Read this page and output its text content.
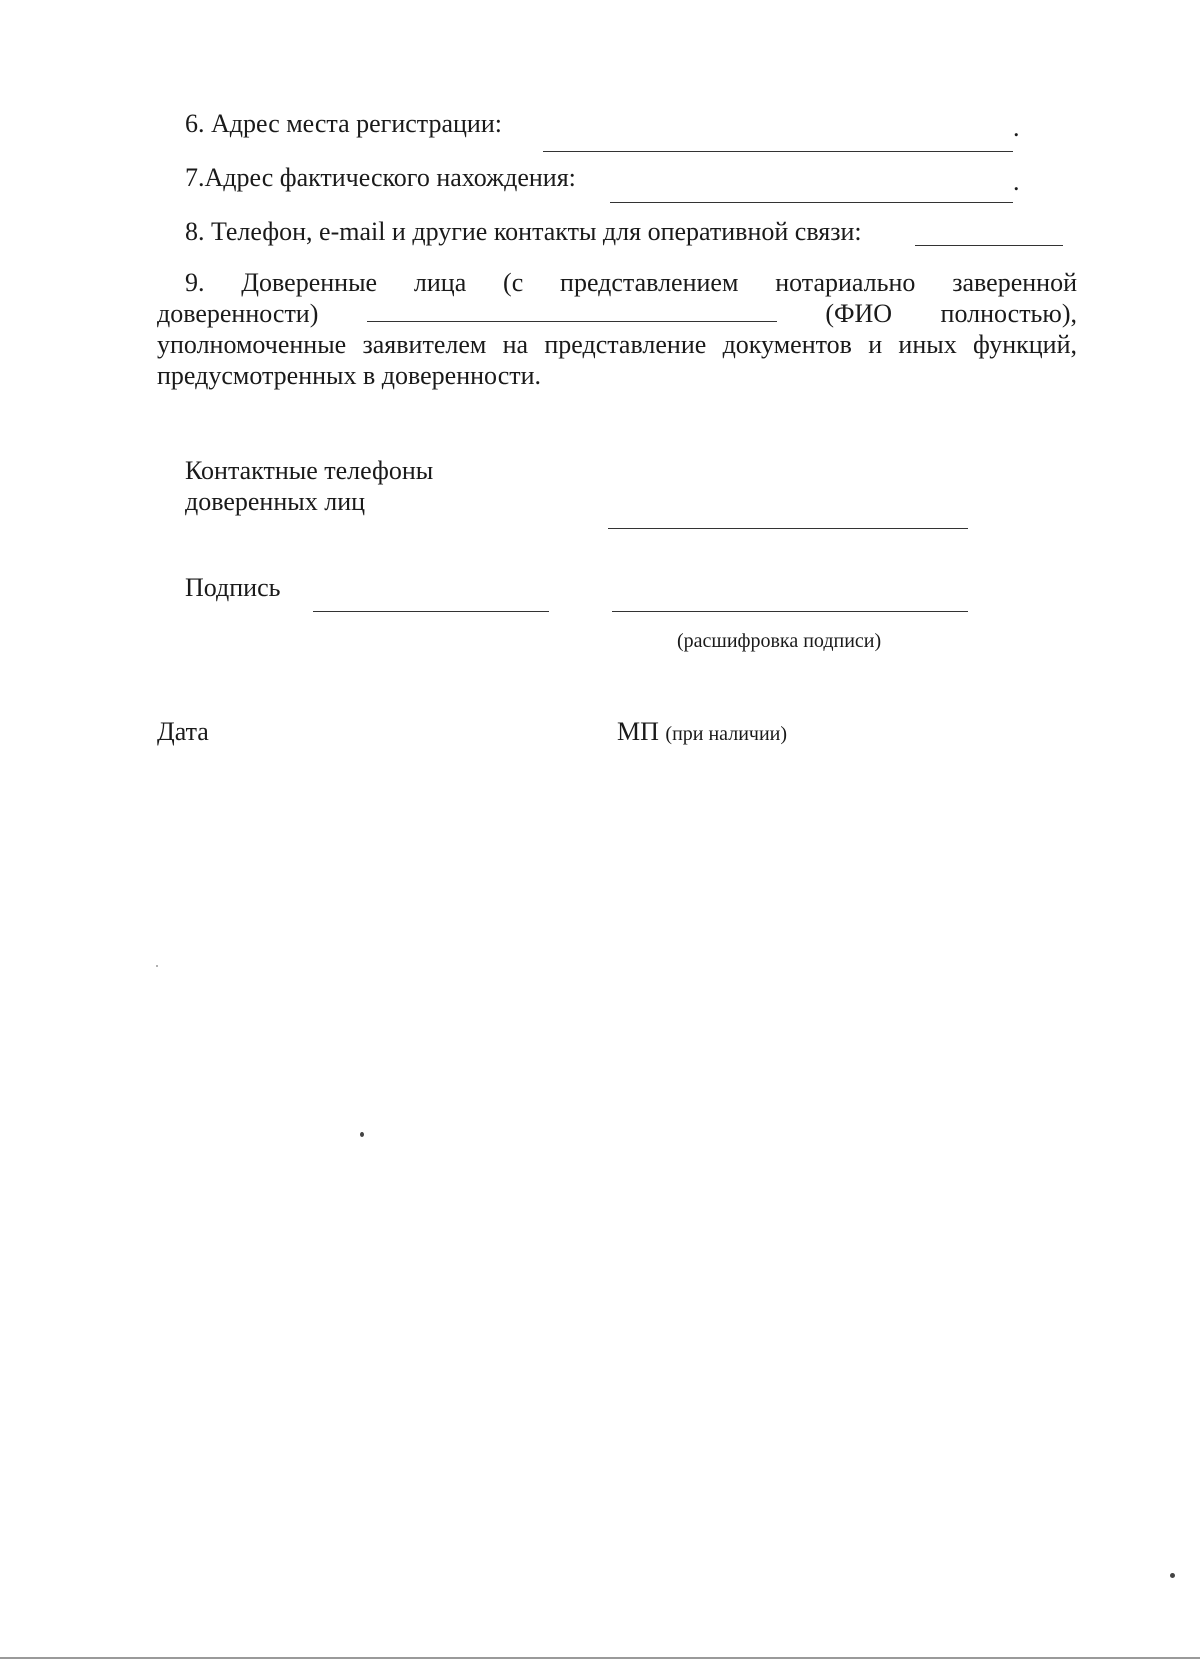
6. Адрес места регистрации:	.
7.Адрес фактического нахождения:	.
8. Телефон, e-mail и другие контакты для оперативной связи:
9. Доверенные лица (с представлением нотариально заверенной
доверенности)	(ФИО полностью),
уполномоченные заявителем на представление документов и иных функций,
предусмотренных в доверенности.
Контактные телефоны
доверенных лиц
Подпись
(расшифровка подписи)
Дата	МП (при наличии)
